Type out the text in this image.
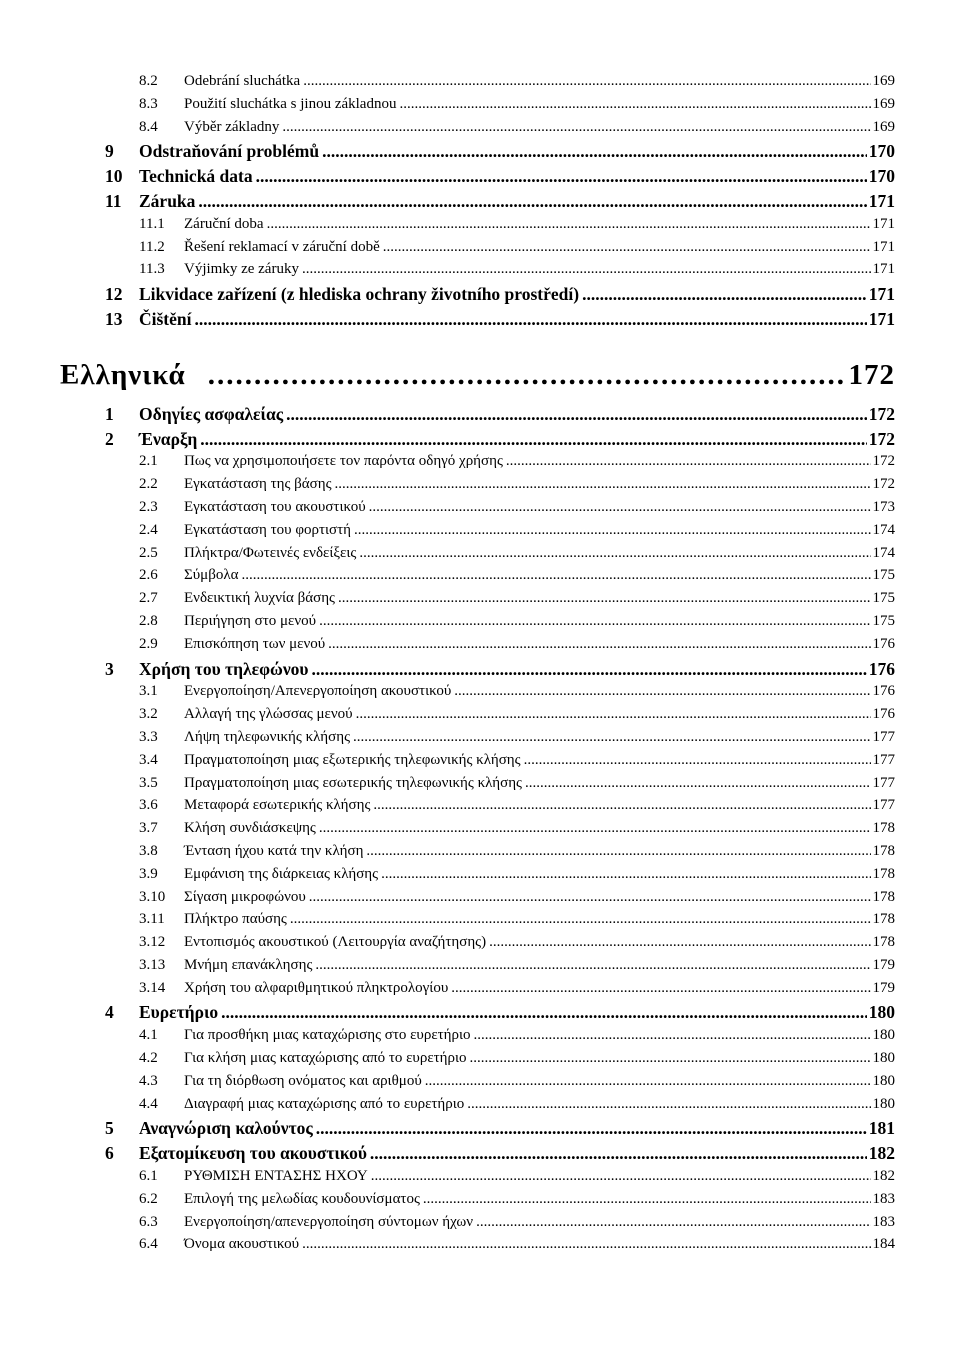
8.2	Odebrání sluchátka .....	169
8.3	Použití sluchátka s jinou základnou .....	169
8.4	Výběr základny .....	169
9	Odstraňování problémů .....	170
10 Technická data .....	170
11 Záruka .....	171
11.1	Záruční doba .....	171
11.2	Řešení reklamací v záruční době .....	171
11.3	Výjimky ze záruky .....	171
12 Likvidace zařízení (z hlediska ochrany životního prostředí) .....	171
13 Čištění .....	171
Ελληνικά .....	172
1	Οδηγίες ασφαλείας .....	172
2	Έναρξη .....	172
2.1	Πως να χρησιμοποιήσετε τον παρόντα οδηγό χρήσης .....	172
2.2	Εγκατάσταση της βάσης .....	172
2.3	Εγκατάσταση του ακουστικού .....	173
2.4	Εγκατάσταση του φορτιστή .....	174
2.5	Πλήκτρα/Φωτεινές ενδείξεις .....	174
2.6	Σύμβολα .....	175
2.7	Ενδεικτική λυχνία βάσης .....	175
2.8	Περιήγηση στο μενού .....	175
2.9	Επισκόπηση των μενού .....	176
3	Χρήση του τηλεφώνου .....	176
3.1	Ενεργοποίηση/Απενεργοποίηση ακουστικού .....	176
3.2	Αλλαγή της γλώσσας μενού .....	176
3.3	Λήψη τηλεφωνικής κλήσης .....	177
3.4	Πραγματοποίηση μιας εξωτερικής τηλεφωνικής κλήσης .....	177
3.5	Πραγματοποίηση μιας εσωτερικής τηλεφωνικής κλήσης .....	177
3.6	Μεταφορά εσωτερικής κλήσης .....	177
3.7	Κλήση συνδιάσκεψης .....	178
3.8	Ένταση ήχου κατά την κλήση .....	178
3.9	Εμφάνιση της διάρκειας κλήσης .....	178
3.10	Σίγαση μικροφώνου .....	178
3.11	Πλήκτρο παύσης .....	178
3.12	Εντοπισμός ακουστικού (Λειτουργία αναζήτησης) .....	178
3.13	Μνήμη επανάκλησης .....	179
3.14	Χρήση του αλφαριθμητικού πληκτρολογίου .....	179
4	Ευρετήριο .....	180
4.1	Για προσθήκη μιας καταχώρισης στο ευρετήριο .....	180
4.2	Για κλήση μιας καταχώρισης από το ευρετήριο .....	180
4.3	Για τη διόρθωση ονόματος και αριθμού .....	180
4.4	Διαγραφή μιας καταχώρισης από το ευρετήριο .....	180
5	Αναγνώριση καλούντος .....	181
6	Εξατομίκευση του ακουστικού .....	182
6.1	ΡΥΘΜΙΣΗ ΕΝΤΑΣΗΣ ΗΧΟΥ .....	182
6.2	Επιλογή της μελωδίας κουδουνίσματος .....	183
6.3	Ενεργοποίηση/απενεργοποίηση σύντομων ήχων .....	183
6.4	Όνομα ακουστικού .....	184
